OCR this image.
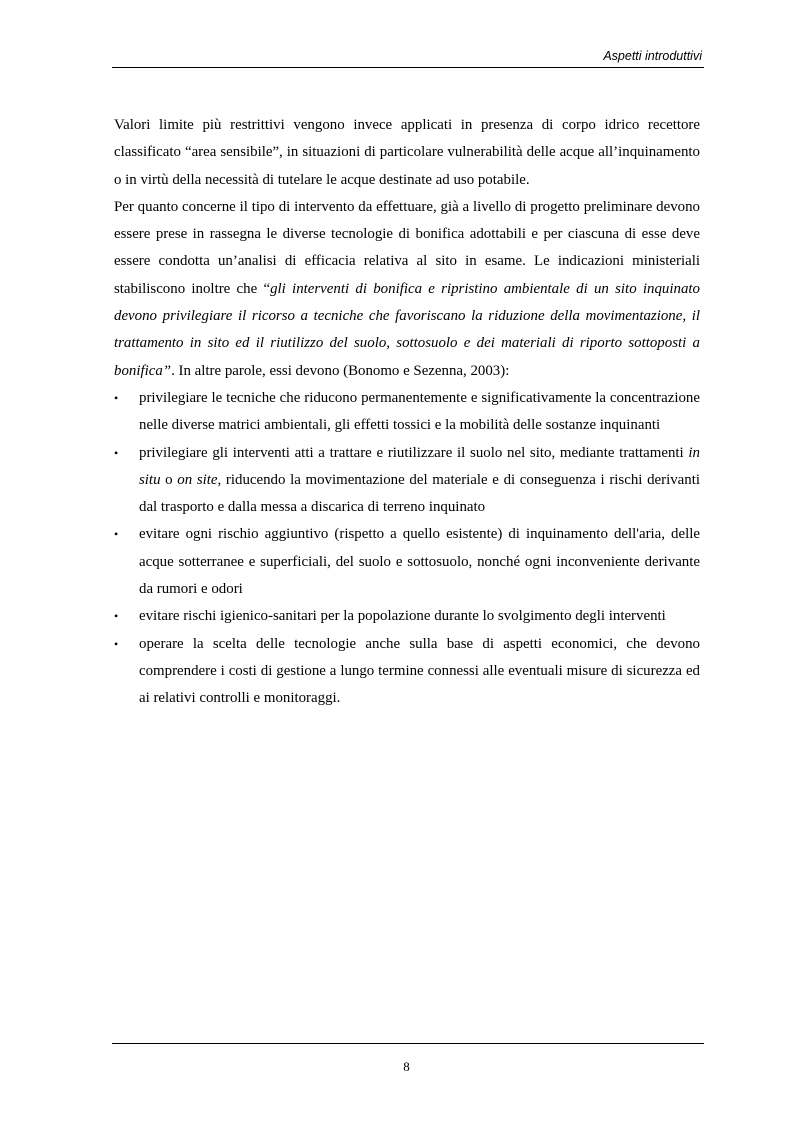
Aspetti introduttivi

Valori limite più restrittivi vengono invece applicati in presenza di corpo idrico recettore classificato “area sensibile”, in situazioni di particolare vulnerabilità delle acque all’inquinamento o in virtù della necessità di tutelare le acque destinate ad uso potabile.

Per quanto concerne il tipo di intervento da effettuare, già a livello di progetto preliminare devono essere prese in rassegna le diverse tecnologie di bonifica adottabili e per ciascuna di esse deve essere condotta un’analisi di efficacia relativa al sito in esame. Le indicazioni ministeriali stabiliscono inoltre che “gli interventi di bonifica e ripristino ambientale di un sito inquinato devono privilegiare il ricorso a tecniche che favoriscano la riduzione della movimentazione, il trattamento in sito ed il riutilizzo del suolo, sottosuolo e dei materiali di riporto sottoposti a bonifica”. In altre parole, essi devono (Bonomo e Sezenna, 2003):

•	privilegiare le tecniche che riducono permanentemente e significativamente la concentrazione nelle diverse matrici ambientali, gli effetti tossici e la mobilità delle sostanze inquinanti
•	privilegiare gli interventi atti a trattare e riutilizzare il suolo nel sito, mediante trattamenti in situ o on site, riducendo la movimentazione del materiale e di conseguenza i rischi derivanti dal trasporto e dalla messa a discarica di terreno inquinato
•	evitare ogni rischio aggiuntivo (rispetto a quello esistente) di inquinamento dell'aria, delle acque sotterranee e superficiali, del suolo e sottosuolo, nonché ogni inconveniente derivante da rumori e odori
•	evitare rischi igienico-sanitari per la popolazione durante lo svolgimento degli interventi
•	operare la scelta delle tecnologie anche sulla base di aspetti economici, che devono comprendere i costi di gestione a lungo termine connessi alle eventuali misure di sicurezza ed ai relativi controlli e monitoraggi.
8
